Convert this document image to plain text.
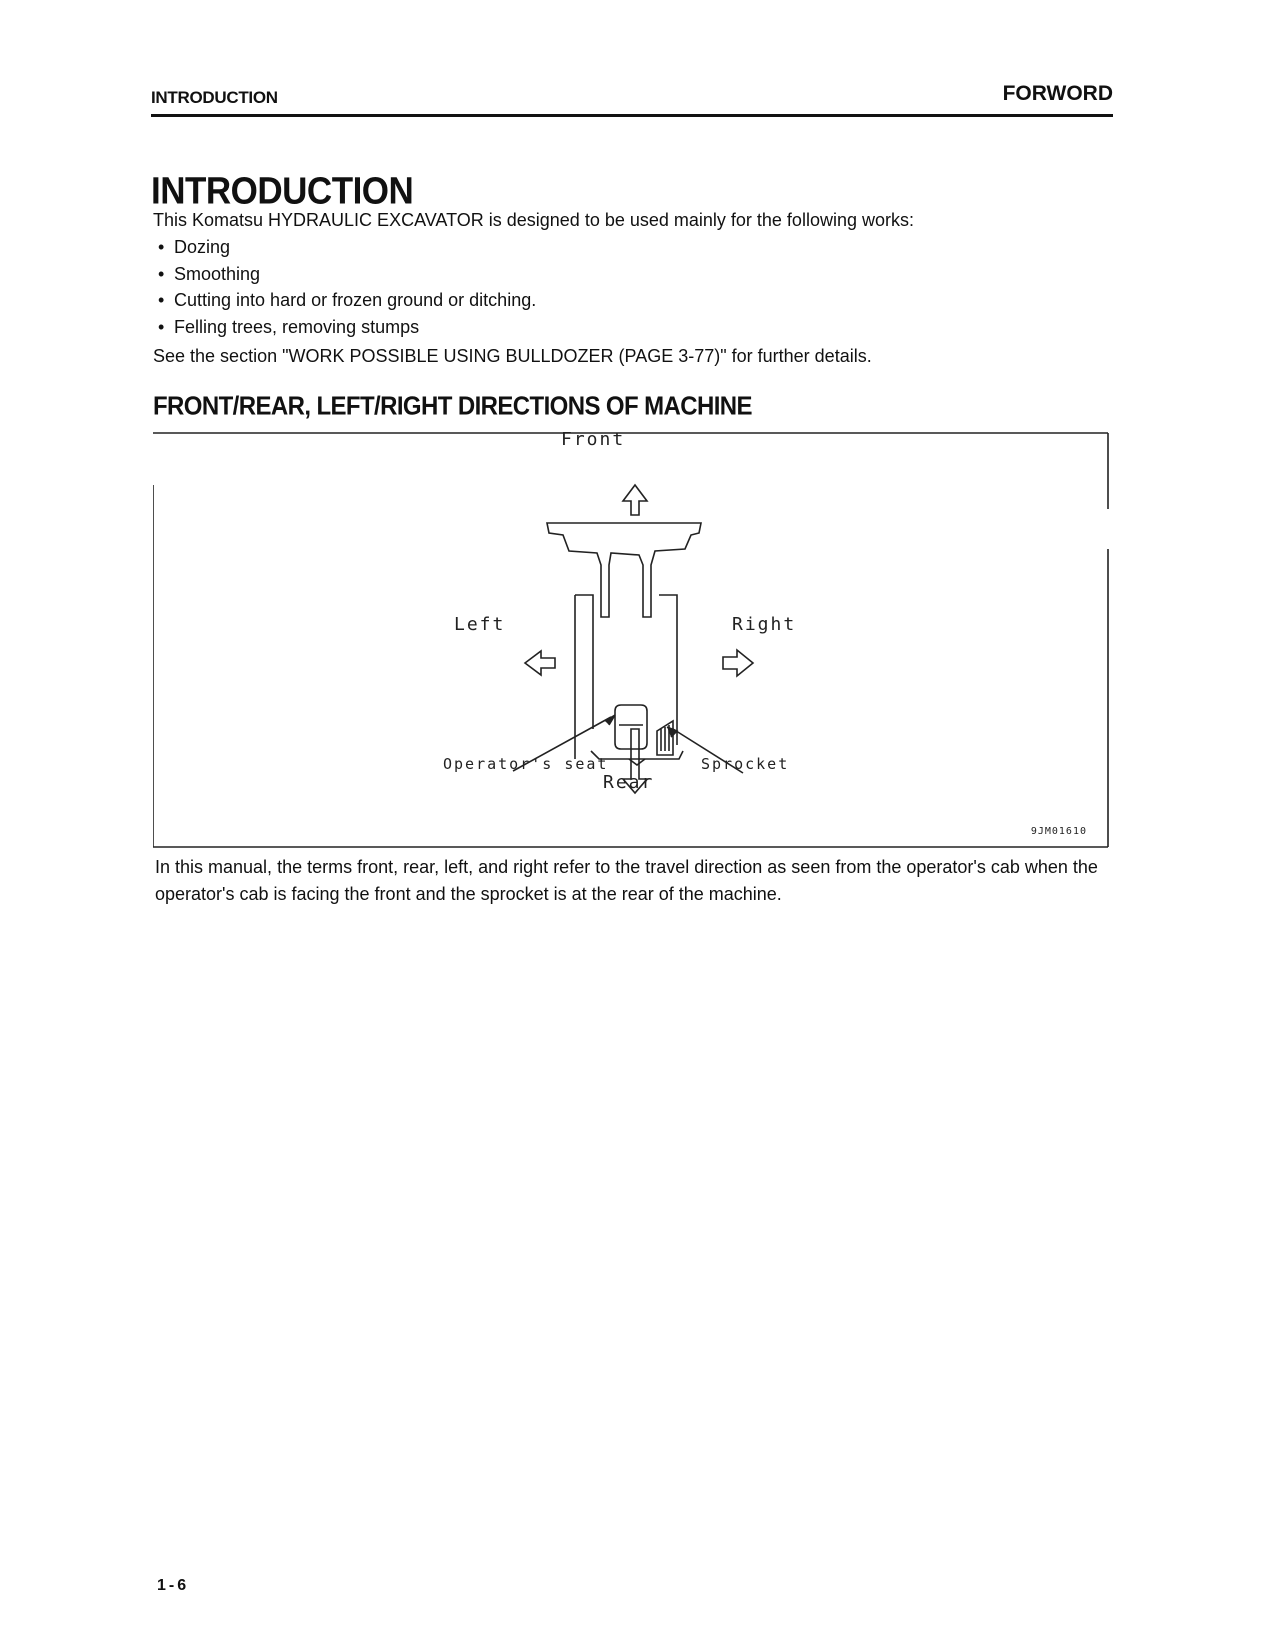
INTRODUCTION	FORWORD
INTRODUCTION
This Komatsu HYDRAULIC EXCAVATOR is designed to be used mainly for the following works:
• Dozing
• Smoothing
• Cutting into hard or frozen ground or ditching.
• Felling trees, removing stumps
See the section "WORK POSSIBLE USING BULLDOZER (PAGE 3-77)" for further details.
FRONT/REAR, LEFT/RIGHT DIRECTIONS OF MACHINE
Front
Left	Right
Operator's seat	Sprocket
Rear
9JM01610
In this manual, the terms front, rear, left, and right refer to the travel direction as seen from the operator's cab when the operator's cab is facing the front and the sprocket is at the rear of the machine.
1-6
